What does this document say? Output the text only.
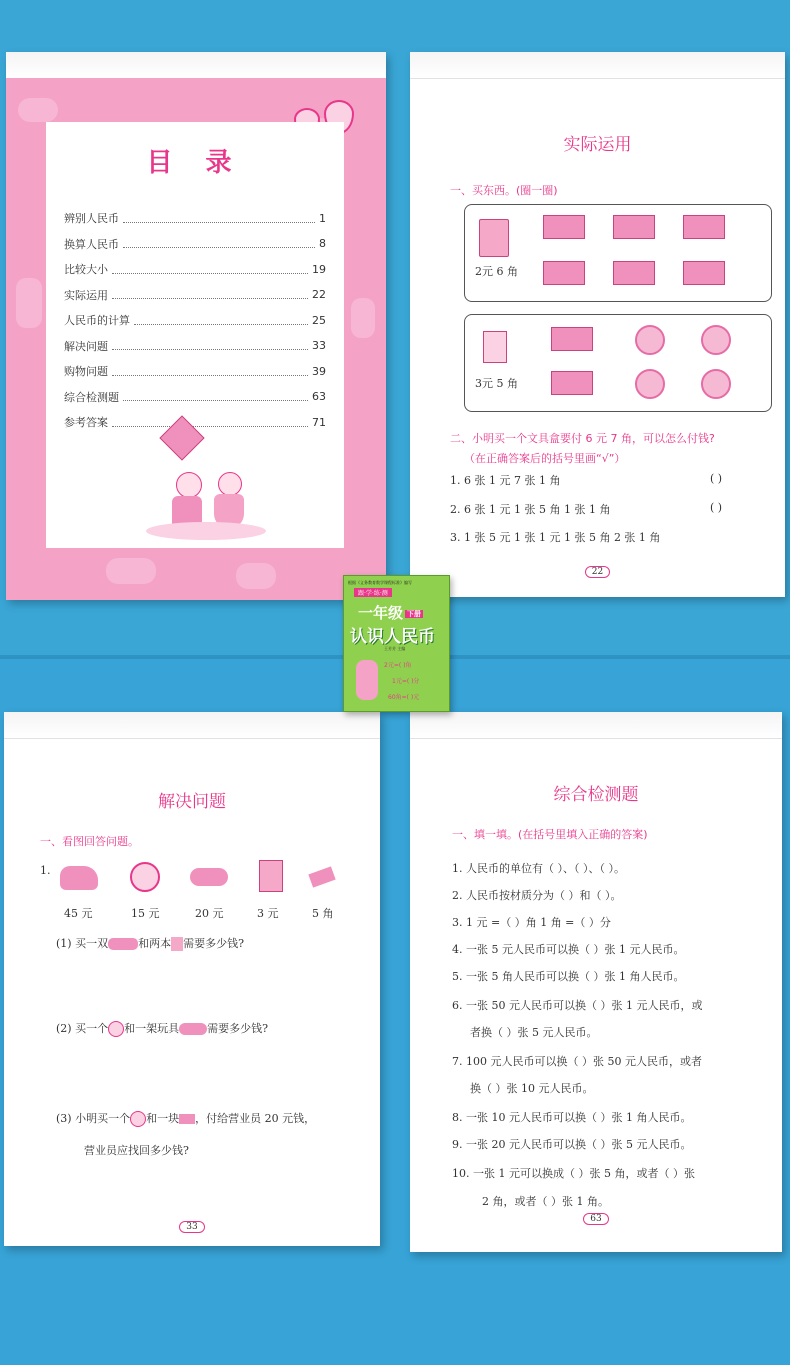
目 录
辨别人民币	1
换算人民币	8
比较大小	19
实际运用	22
人民币的计算	25
解决问题	33
购物问题	39
综合检测题	63
参考答案	71
实际运用
一、买东西。(圈一圈)
2元 6 角
3元 5 角
二、小明买一个文具盒要付 6 元 7 角，可以怎么付钱?
（在正确答案后的括号里画“√”）
1. 6 张 1 元 7 张 1 角
2. 6 张 1 元 1 张 5 角 1 张 1 角
3. 1 张 5 元 1 张 1 元 1 张 5 角 2 张 1 角
( )
( )
22
解决问题
一、看图回答问题。
1.
45 元	15 元	20 元	3 元	5 角
(1) 买一双	和两本 需要多少钱?
(2) 买一个 和一架玩具	需要多少钱?
(3) 小明买一个 和一块 ，付给营业员 20 元钱，
营业员应找回多少钱?
33
综合检测题
一、填一填。(在括号里填入正确的答案)
1. 人民币的单位有（ ）、（ ）、（ ）。
2. 人民币按材质分为（ ）和（ ）。
3. 1 元 =（ ）角 1 角 =（ ）分
4. 一张 5 元人民币可以换（ ）张 1 元人民币。
5. 一张 5 角人民币可以换（ ）张 1 角人民币。
6. 一张 50 元人民币可以换（ ）张 1 元人民币，或
者换（ ）张 5 元人民币。
7. 100 元人民币可以换（ ）张 50 元人民币，或者
换（ ）张 10 元人民币。
8. 一张 10 元人民币可以换（ ）张 1 角人民币。
9. 一张 20 元人民币可以换（ ）张 5 元人民币。
10. 一张 1 元可以换成（ ）张 5 角，或者（ ）张
2 角，或者（ ）张 1 角。
63
根据《义务教育数学课程标准》编写
跟·学·练·测
一年级 下册
认识人民币
王芳芳 主编
2元=( )角
1元=( )分
60角=( )元
